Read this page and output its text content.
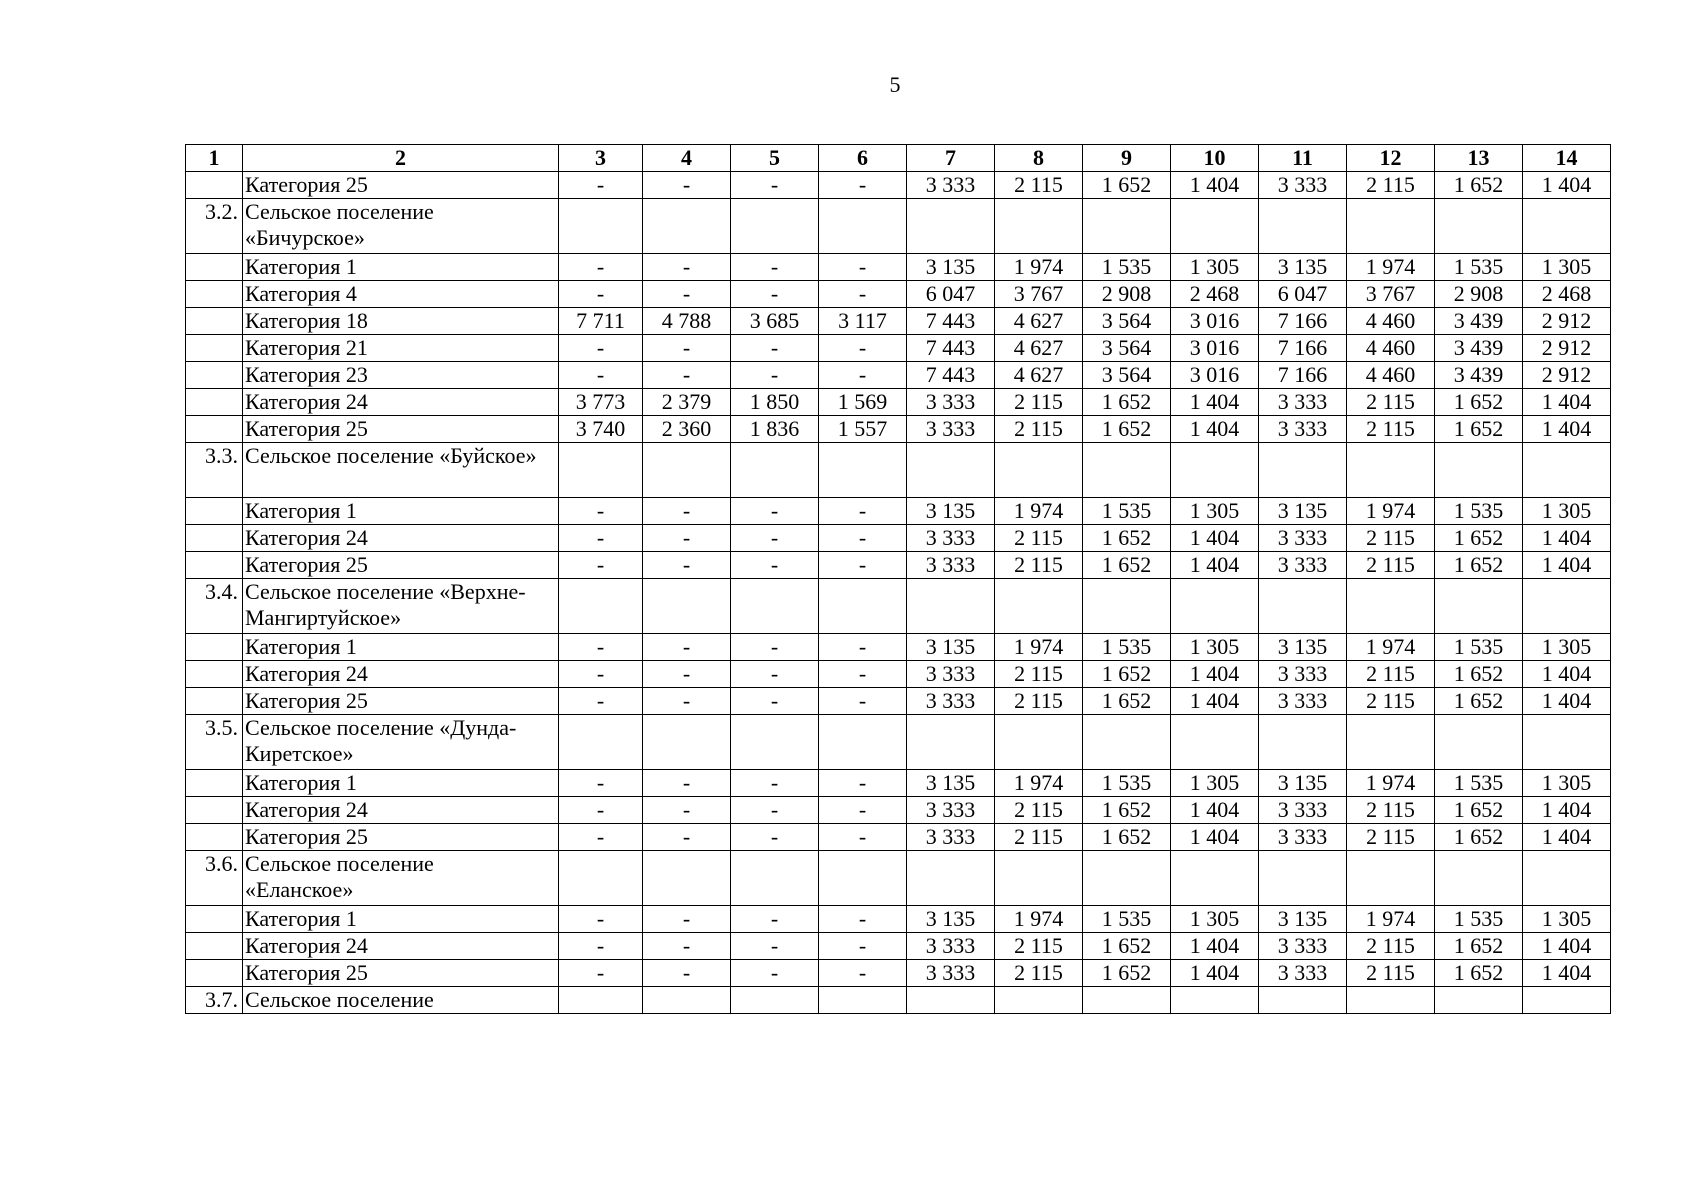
5
1	2	3	4	5	6	7	8	9	10	11	12	13	14

	Категория 25	-	-	-	-	3 333	2 115	1 652	1 404	3 333	2 115	1 652	1 404
3.2.	Сельское поселение «Бичурское»												

	Категория 1	-	-	-	-	3 135	1 974	1 535	1 305	3 135	1 974	1 535	1 305

	Категория 4	-	-	-	-	6 047	3 767	2 908	2 468	6 047	3 767	2 908	2 468

	Категория 18	7 711	4 788	3 685	3 117	7 443	4 627	3 564	3 016	7 166	4 460	3 439	2 912

	Категория 21	-	-	-	-	7 443	4 627	3 564	3 016	7 166	4 460	3 439	2 912

	Категория 23	-	-	-	-	7 443	4 627	3 564	3 016	7 166	4 460	3 439	2 912

	Категория 24	3 773	2 379	1 850	1 569	3 333	2 115	1 652	1 404	3 333	2 115	1 652	1 404

	Категория 25	3 740	2 360	1 836	1 557	3 333	2 115	1 652	1 404	3 333	2 115	1 652	1 404
3.3.	Сельское поселение «Буйское»												

	Категория 1	-	-	-	-	3 135	1 974	1 535	1 305	3 135	1 974	1 535	1 305

	Категория 24	-	-	-	-	3 333	2 115	1 652	1 404	3 333	2 115	1 652	1 404

	Категория 25	-	-	-	-	3 333	2 115	1 652	1 404	3 333	2 115	1 652	1 404
3.4.	Сельское поселение «Верхне-Мангиртуйское»												

	Категория 1	-	-	-	-	3 135	1 974	1 535	1 305	3 135	1 974	1 535	1 305

	Категория 24	-	-	-	-	3 333	2 115	1 652	1 404	3 333	2 115	1 652	1 404

	Категория 25	-	-	-	-	3 333	2 115	1 652	1 404	3 333	2 115	1 652	1 404
3.5.	Сельское поселение «Дунда-Киретское»												

	Категория 1	-	-	-	-	3 135	1 974	1 535	1 305	3 135	1 974	1 535	1 305

	Категория 24	-	-	-	-	3 333	2 115	1 652	1 404	3 333	2 115	1 652	1 404

	Категория 25	-	-	-	-	3 333	2 115	1 652	1 404	3 333	2 115	1 652	1 404
3.6.	Сельское поселение «Еланское»												

	Категория 1	-	-	-	-	3 135	1 974	1 535	1 305	3 135	1 974	1 535	1 305

	Категория 24	-	-	-	-	3 333	2 115	1 652	1 404	3 333	2 115	1 652	1 404

	Категория 25	-	-	-	-	3 333	2 115	1 652	1 404	3 333	2 115	1 652	1 404
3.7.	Сельское поселение												
